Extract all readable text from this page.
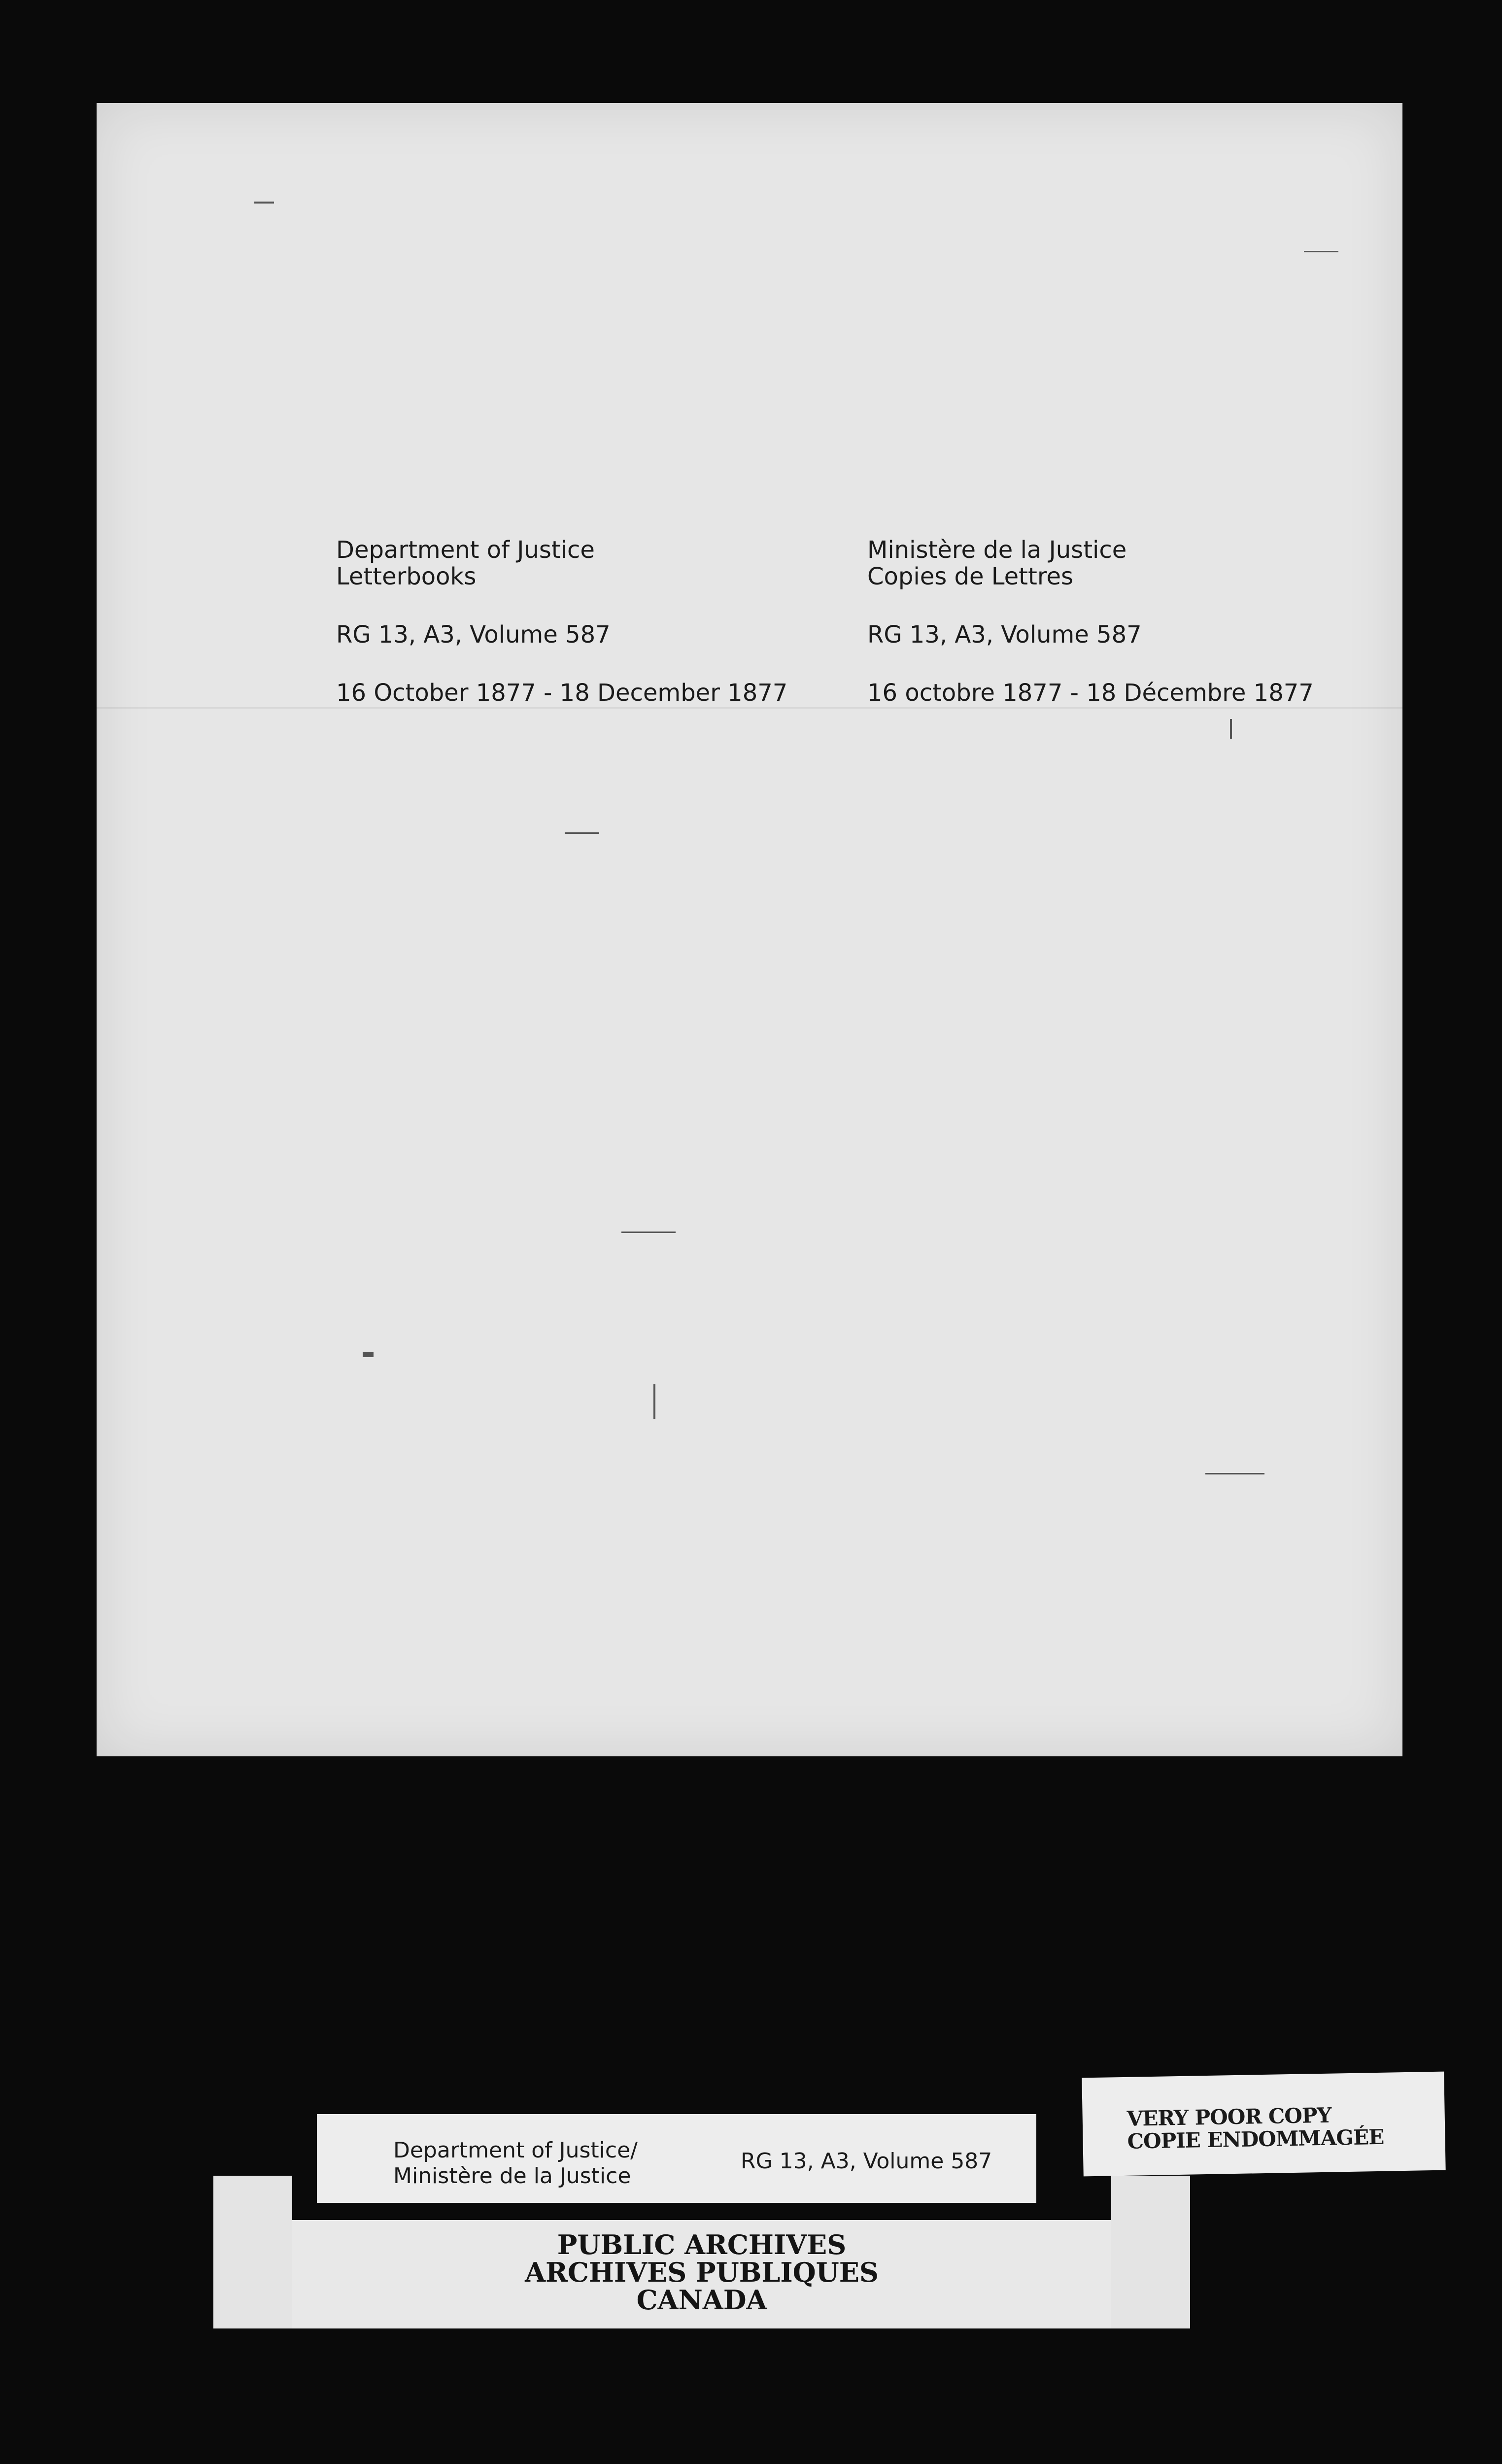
Department of Justice
Letterbooks
RG 13, A3, Volume 587
16 October 1877 - 18 December 1877
Ministère de la Justice
Copies de Lettres
RG 13, A3, Volume 587
16 octobre 1877 - 18 Décembre 1877
Department of Justice/
Ministère de la Justice
RG 13, A3, Volume 587
VERY POOR COPY
COPIE ENDOMMAGÉE
PUBLIC ARCHIVES
ARCHIVES PUBLIQUES
CANADA
